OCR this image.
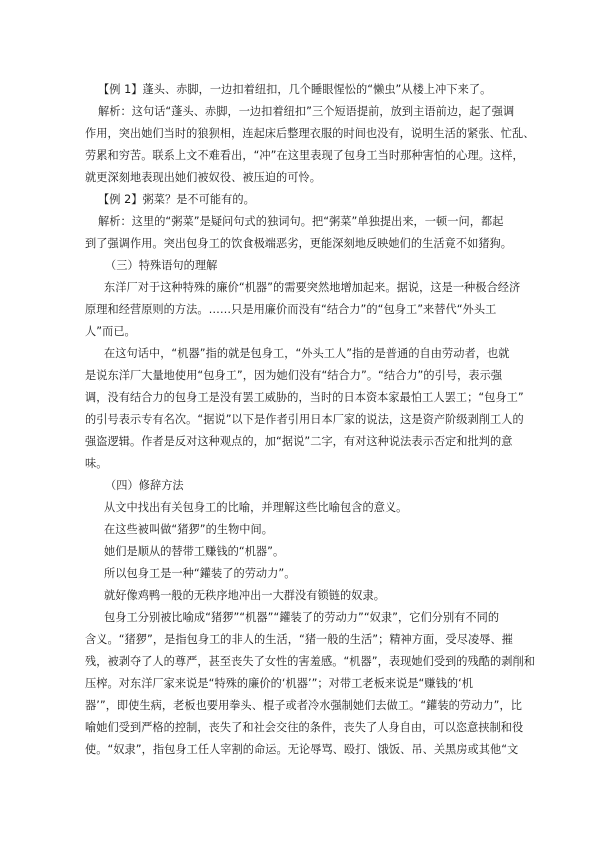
【例 1】蓬头、赤脚，一边扣着纽扣，几个睡眼惺忪的“懒虫”从楼上冲下来了。
解析：这句话“蓬头、赤脚，一边扣着纽扣”三个短语提前，放到主语前边，起了强调
作用，突出她们当时的狼狈相，连起床后整理衣服的时间也没有，说明生活的紧张、忙乱、
劳累和穷苦。联系上文不难看出，“冲”在这里表现了包身工当时那种害怕的心理。这样，
就更深刻地表现出她们被奴役、被压迫的可怜。
【例 2】粥菜？是不可能有的。
解析：这里的“粥菜”是疑问句式的独词句。把“粥菜”单独提出来，一顿一问，都起
到了强调作用。突出包身工的饮食极端恶劣，更能深刻地反映她们的生活竟不如猪狗。
（三）特殊语句的理解
东洋厂对于这种特殊的廉价“机器”的需要突然地增加起来。据说，这是一种极合经济
原理和经营原则的方法。……只是用廉价而没有“结合力”的“包身工”来替代“外头工
人”而已。
在这句话中，“机器”指的就是包身工，“外头工人”指的是普通的自由劳动者，也就
是说东洋厂大量地使用“包身工”，因为她们没有“结合力”。 “结合力”的引号，表示强
调，没有结合力的包身工是没有罢工威胁的，当时的日本资本家最怕工人罢工；“包身工”
的引号表示专有名次。“据说”以下是作者引用日本厂家的说法，这是资产阶级剥削工人的
强盗逻辑。作者是反对这种观点的，加“据说”二字，有对这种说法表示否定和批判的意
味。
（四）修辞方法
从文中找出有关包身工的比喻，并理解这些比喻包含的意义。
在这些被叫做“猪猡”的生物中间。
她们是顺从的替带工赚钱的“机器”。
所以包身工是一种“鑵装了的劳动力”。
就好像鸡鸭一般的无秩序地冲出一大群没有锁链的奴隶。
包身工分别被比喻成“猪猡”“机器”“鑵装了的劳动力”“奴隶”，它们分别有不同的
含义。“猪猡”，是指包身工的非人的生活，“猪一般的生活”；精神方面，受尽凌辱、摧
残，被剥夺了人的尊严，甚至丧失了女性的害羞感。“机器”，表现她们受到的残酷的剥削和
压榨。对东洋厂家来说是“特殊的廉价的‘机器’”；对带工老板来说是“赚钱的‘机
器’”，即使生病，老板也要用拳头、棍子或者冷水强制她们去做工。“鑵装的劳动力”，比
喻她们受到严格的控制，丧失了和社会交往的条件，丧失了人身自由，可以恣意挟制和役
使。“奴隶”，指包身工任人宰割的命运。无论辱骂、殴打、饿饭、吊、关黑房或其他“文
